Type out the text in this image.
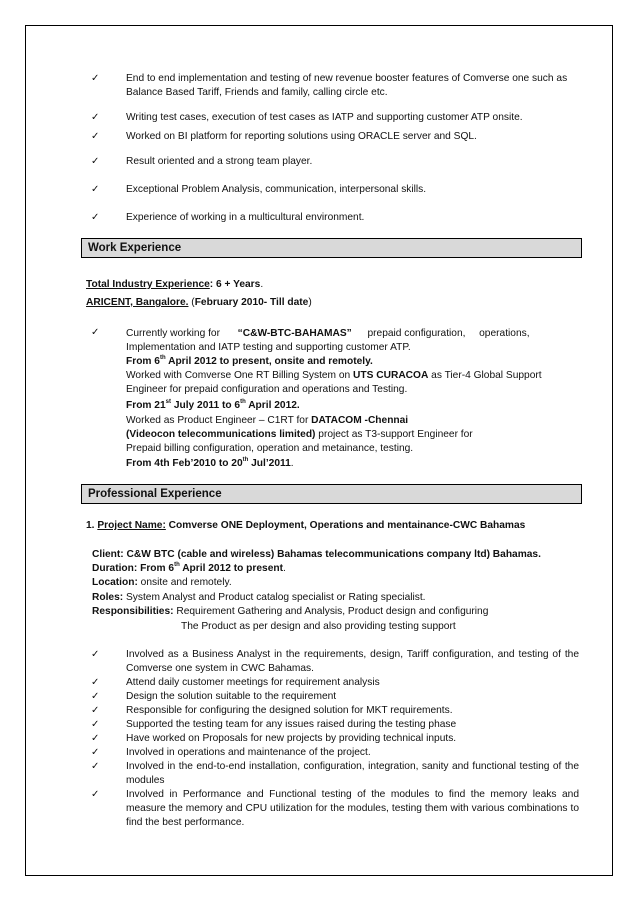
✓	End to end implementation and testing of new revenue booster features of Comverse one such as Balance Based Tariff, Friends and family, calling circle etc.
✓	Writing test cases, execution of test cases as IATP and supporting customer ATP onsite.
✓	Worked on BI platform for reporting solutions using ORACLE server and SQL.
✓	Result oriented and a strong team player.
✓	Exceptional Problem Analysis, communication, interpersonal skills.
✓	Experience of working in a multicultural environment.
Work Experience
Total Industry Experience: 6 + Years.
ARICENT, Bangalore. (February 2010- Till date)
✓	Currently working for “C&W-BTC-BAHAMAS” prepaid configuration, operations,
Implementation and IATP testing and supporting customer ATP.
From 6th April 2012 to present, onsite and remotely.
Worked with Comverse One RT Billing System on UTS CURACOA as Tier-4 Global Support
Engineer for prepaid configuration and operations and Testing.
From 21st July 2011 to 6th April 2012.
Worked as Product Engineer – C1RT for DATACOM -Chennai
(Videocon telecommunications limited) project as T3-support Engineer for
Prepaid billing configuration, operation and metainance, testing.
From 4th Feb’2010 to 20th Jul’2011.
Professional Experience
1. Project Name: Comverse ONE Deployment, Operations and mentainance-CWC Bahamas
Client: C&W BTC (cable and wireless) Bahamas telecommunications company ltd) Bahamas.
Duration: From 6th April 2012 to present.
Location: onsite and remotely.
Roles: System Analyst and Product catalog specialist or Rating specialist.
Responsibilities: Requirement Gathering and Analysis, Product design and configuring
The Product as per design and also providing testing support
✓	Involved as a Business Analyst in the requirements, design, Tariff configuration, and testing of the Comverse one system in CWC Bahamas.
✓	Attend daily customer meetings for requirement analysis
✓	Design the solution suitable to the requirement
✓	Responsible for configuring the designed solution for MKT requirements.
✓	Supported the testing team for any issues raised during the testing phase
✓	Have worked on Proposals for new projects by providing technical inputs.
✓	Involved in operations and maintenance of the project.
✓	Involved in the end-to-end installation, configuration, integration, sanity and functional testing of the modules
✓	Involved in Performance and Functional testing of the modules to find the memory leaks and measure the memory and CPU utilization for the modules, testing them with various combinations to find the best performance.
